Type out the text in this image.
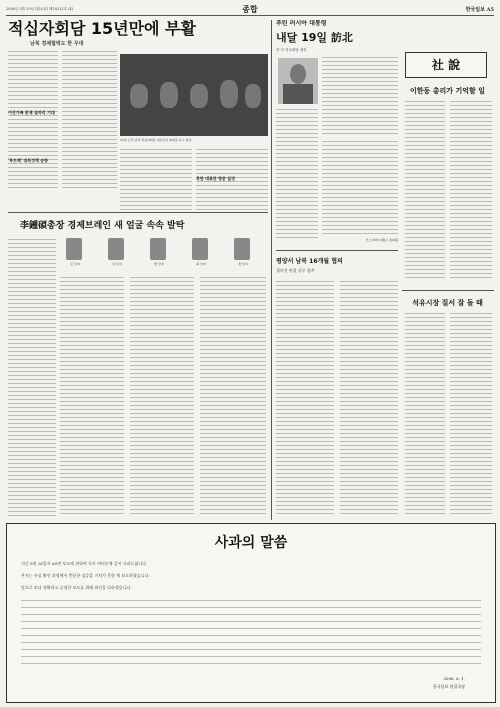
2006년 5월 29일 (월요일) 제18231호 (4)	종합	한국일보 A5
적십자회담 15년만에 부활
남북 경제협력도 한 무대
23일 오후 남북 적십자회담 대표단이 회의를 하고 있다.
이산가족 문제 실마리 기대
'투트랙' 대북정책 순항
북한 대표단 방문 일정
푸틴 러시아 대통령
내달 19일 訪北
북-러 정상회담 예정
모스크바=이왕구 특파원
社 說
이한동 총리가 기억할 일
석유시장 질서 잘 돌 때
평양서 남북 16개월 협의
경의선 연결 실무 접촉
李鍾碩총장 경제브레인 새 얼굴 속속 발탁
김 모씨	이 모씨	박 모씨	최 모씨	정 모씨
사과의 말씀
지난 5월 26일자 A5면 보도에 관하여 독자 여러분께 깊이 사과드립니다.
본지는 사실 확인 과정에서 충분한 검증을 거치지 못한 채 보도하였습니다.
앞으로 보다 정확하고 공정한 보도를 위해 최선을 다하겠습니다.
2006. 6. 1.
한국일보 편집국장
